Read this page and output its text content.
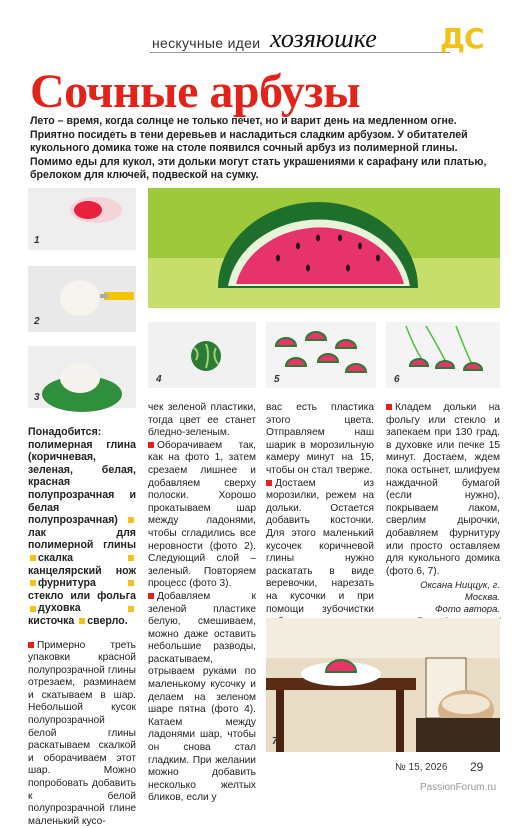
нескучные идеи хозяюшке ДС
Сочные арбузы

Лето – время, когда солнце не только печет, но и варит день на медленном огне. Приятно посидеть в тени деревьев и насладиться сладким арбузом. У обитателей кукольного домика тоже на столе появился сочный арбуз из полимерной глины. Помимо еды для кукол, эти дольки могут стать украшениями к сарафану или платью, брелоком для ключей, подвеской на сумку.

1
2
3
4	5	6

Понадобится: полимерная глина (коричневая, зеленая, белая, красная полупрозрачная и белая полупрозрачная) лак для полимерной глины скалка канцелярский нож фурнитура стекло или фольга духовка кисточка сверло.

Примерно треть упаковки красной полупрозрачной глины отрезаем, разминаем и скатываем в шар. Небольшой кусок полупрозрачной белой глины раскатываем скалкой и оборачиваем этот шар. Можно попробовать добавить к белой полупрозрачной глине маленький кусо-

чек зеленой пластики, тогда цвет ее станет бледно-зеленым.

Оборачиваем так, как на фото 1, затем срезаем лишнее и добавляем сверху полоски. Хорошо прокатываем шар между ладонями, чтобы сгладились все неровности (фото 2). Следующий слой – зеленый. Повторяем процесс (фото 3).

Добавляем к зеленой пластике белую, смешиваем, можно даже оставить небольшие разводы, раскатываем, отрываем руками по маленькому кусочку и делаем на зеленом шаре пятна (фото 4). Катаем между ладонями шар, чтобы он снова стал гладким. При желании можно добавить несколько желтых бликов, если у

вас есть пластика этого цвета. Отправляем наш шарик в морозильную камеру минут на 15, чтобы он стал тверже.

Достаем из морозилки, режем на дольки. Остается добавить косточки. Для этого маленький кусочек коричневой глины нужно раскатать в виде веревочки, нарезать на кусочки и при помощи зубочистки

Кладем дольки на фольгу или стекло и запекаем при 130 град. в духовке или печке 15 минут. Достаем, ждем пока остынет, шлифуем наждачной бумагой (если нужно), покрываем лаком, сверлим дырочки, добавляем фурнитуру или просто оставляем для кукольного домика (фото 6, 7).

Оксана Ниццук, г. Москва.

Фото автора.

7
№ 15, 2026 29
PassionForum.ru
